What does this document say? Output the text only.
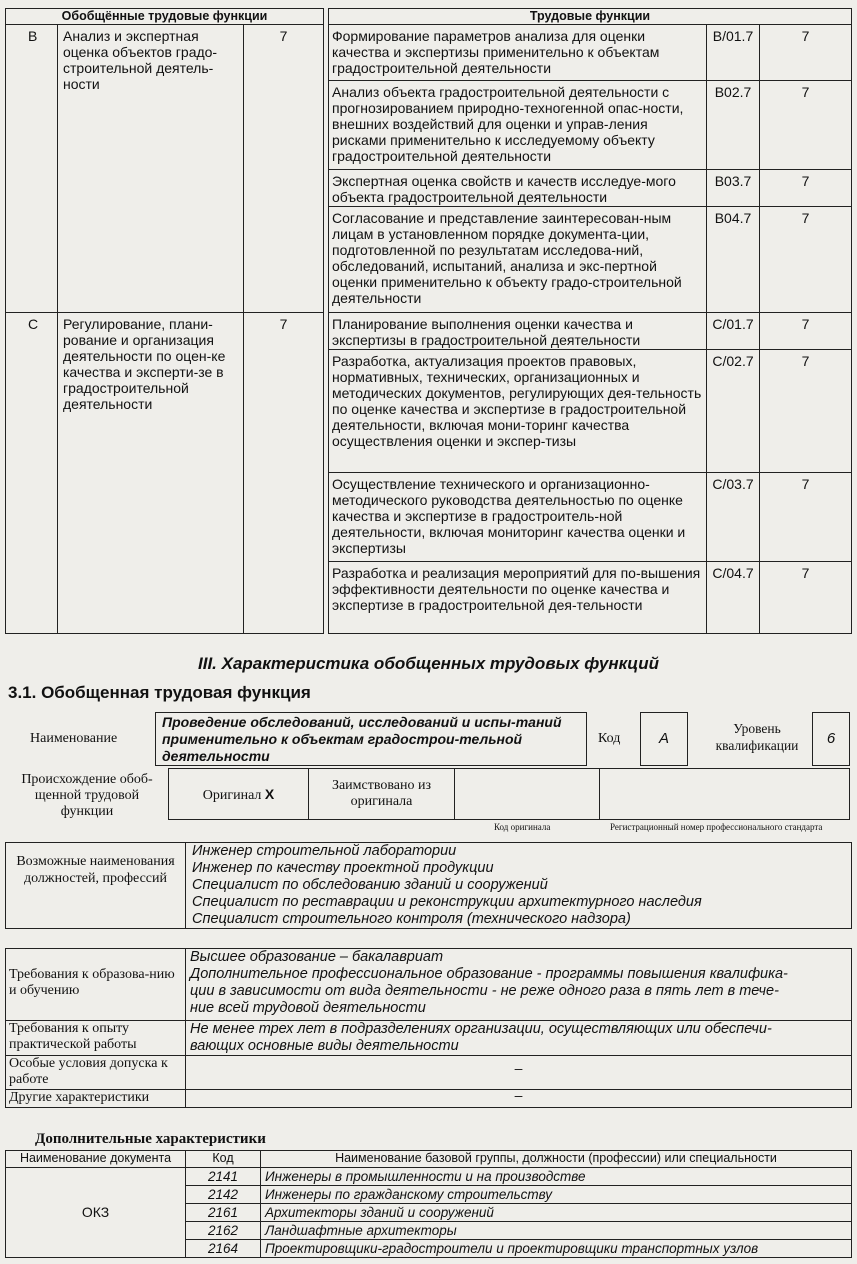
Обобщённые трудовые функции				Трудовые функции		
B	Анализ и экспертная оценка объектов градо-строительной деятель-ности	7		Формирование параметров анализа для оценки качества и экспертизы применительно к объектам градостроительной деятельности	B/01.7	7
				Анализ объекта градостроительной деятельности с прогнозированием природно-техногенной опас-ности, внешних воздействий для оценки и управ-ления рисками применительно к исследуемому объекту градостроительной деятельности	B02.7	7
				Экспертная оценка свойств и качеств исследуе-мого объекта градостроительной деятельности	B03.7	7
				Согласование и представление заинтересован-ным лицам в установленном порядке документа-ции, подготовленной по результатам исследова-ний, обследований, испытаний, анализа и экс-пертной оценки применительно к объекту градо-строительной деятельности	B04.7	7
C	Регулирование, плани-рование и организация деятельности по оцен-ке качества и эксперти-зе в градостроительной деятельности	7		Планирование выполнения оценки качества и экспертизы в градостроительной деятельности	C/01.7	7
				Разработка, актуализация проектов правовых, нормативных, технических, организационных и методических документов, регулирующих дея-тельность по оценке качества и экспертизе в градостроительной деятельности, включая мони-торинг качества осуществления оценки и экспер-тизы	C/02.7	7
				Осуществление технического и организационно-методического руководства деятельностью по оценке качества и экспертизе в градостроитель-ной деятельности, включая мониторинг качества оценки и экспертизы	C/03.7	7
				Разработка и реализация мероприятий для по-вышения эффективности деятельности по оценке качества и экспертизе в градостроительной дея-тельности	C/04.7	7
III. Характеристика обобщенных трудовых функций
3.1. Обобщенная трудовая функция
Наименование
Проведение обследований, исследований и испы-таний применительно к объектам градострои-тельной деятельности
Код	A
Уровень квалификации	6
Происхождение обоб-щенной трудовой функции
Оригинал X
Заимствовано из оригинала
Код оригинала	Регистрационный номер профессионального стандарта
Возможные наименования должностей, профессий	
Инженер строительной лаборатории
Инженер по качеству проектной продукции
Специалист по обследованию зданий и сооружений
Специалист по реставрации и реконструкции архитектурного наследия
Специалист строительного контроля (технического надзора)
Требования к образова-нию и обучению	Высшее образование – бакалавриат
Дополнительное профессиональное образование - программы повышения квалифика-
ции в зависимости от вида деятельности - не реже одного раза в пять лет в тече-
ние всей трудовой деятельности

Требования к опыту практической работы	Не менее трех лет в подразделениях организации, осуществляющих или обеспечи-
вающих основные виды деятельности

Особые условия допуска к работе	–
Другие характеристики	–
Дополнительные характеристики
Наименование документа	Код	Наименование базовой группы, должности (профессии) или специальности
ОКЗ	2141	Инженеры в промышленности и на производстве
	2142	Инженеры по гражданскому строительству
	2161	Архитекторы зданий и сооружений
	2162	Ландшафтные архитекторы
	2164	Проектировщики-градостроители и проектировщики транспортных узлов
